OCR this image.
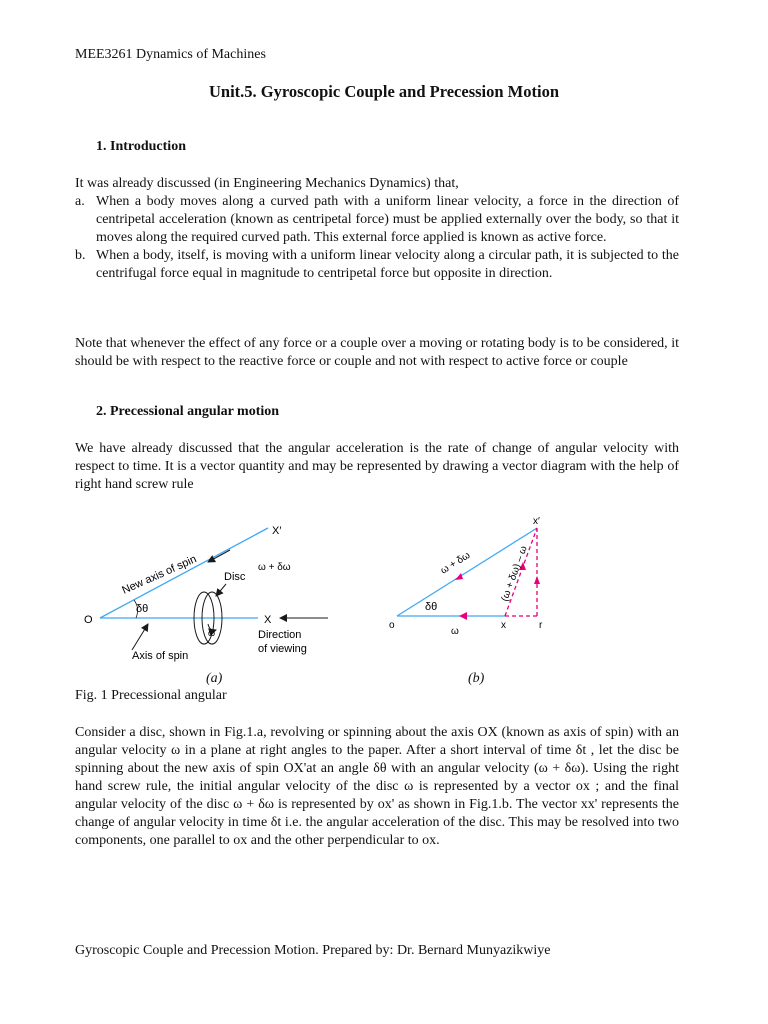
MEE3261 Dynamics of Machines
Unit.5. Gyroscopic Couple and Precession Motion
1. Introduction
It was already discussed (in Engineering Mechanics Dynamics) that,
a. When a body moves along a curved path with a uniform linear velocity, a force in the direction of centripetal acceleration (known as centripetal force) must be applied externally over the body, so that it moves along the required curved path. This external force applied is known as active force.
b. When a body, itself, is moving with a uniform linear velocity along a circular path, it is subjected to the centrifugal force equal in magnitude to centripetal force but opposite in direction.
Note that whenever the effect of any force or a couple over a moving or rotating body is to be considered, it should be with respect to the reactive force or couple and not with respect to active force or couple
2. Precessional angular motion
We have already discussed that the angular acceleration is the rate of change of angular velocity with respect to time. It is a vector quantity and may be represented by drawing a vector diagram with the help of right hand screw rule
O	X
X′
New axis of spin Disc
ω + δω
δθ
ω
Axis of spin
Direction
of viewing
o	x
x′
r
ω
δθ
ω + δω	(ω + δω) – ω
(a)	(b)
Fig. 1 Precessional angular
Consider a disc, shown in Fig.1.a, revolving or spinning about the axis OX (known as axis of spin) with an angular velocity ω in a plane at right angles to the paper. After a short interval of time δt , let the disc be spinning about the new axis of spin OX'at an angle δθ with an angular velocity (ω + δω). Using the right hand screw rule, the initial angular velocity of the disc ω is represented by a vector ox ; and the final angular velocity of the disc ω + δω is represented by ox' as shown in Fig.1.b. The vector xx' represents the change of angular velocity in time δt i.e. the angular acceleration of the disc. This may be resolved into two components, one parallel to ox and the other perpendicular to ox.
Gyroscopic Couple and Precession Motion. Prepared by: Dr. Bernard Munyazikwiye
